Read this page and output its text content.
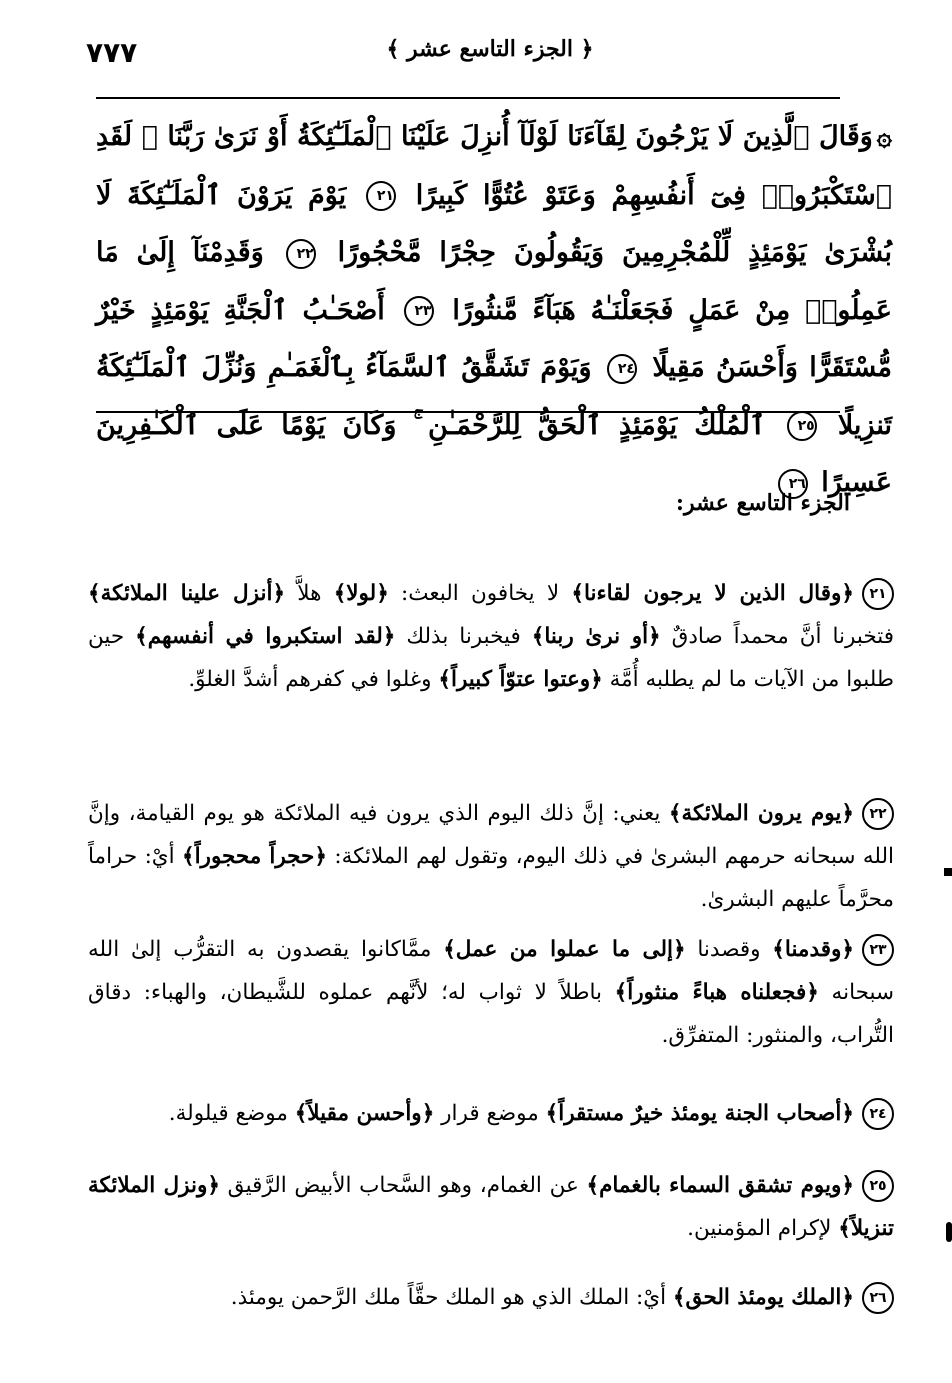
٧٧٧	﴿ الجزء التاسع عشر ﴾
۞وَقَالَ ٱلَّذِينَ لَا يَرْجُونَ لِقَآءَنَا لَوْلَآ أُنزِلَ عَلَيْنَا ٱلْمَلَـٰٓئِكَةُ أَوْ نَرَىٰ رَبَّنَا ۗ لَقَدِ ٱسْتَكْبَرُوا۟ فِىٓ أَنفُسِهِمْ وَعَتَوْ عُتُوًّا كَبِيرًا ٢١ يَوْمَ يَرَوْنَ ٱلْمَلَـٰٓئِكَةَ لَا بُشْرَىٰ يَوْمَئِذٍ لِّلْمُجْرِمِينَ وَيَقُولُونَ حِجْرًا مَّحْجُورًا ٢٢ وَقَدِمْنَآ إِلَىٰ مَا عَمِلُوا۟ مِنْ عَمَلٍ فَجَعَلْنَـٰهُ هَبَآءً مَّنثُورًا ٢٣ أَصْحَـٰبُ ٱلْجَنَّةِ يَوْمَئِذٍ خَيْرٌ مُّسْتَقَرًّا وَأَحْسَنُ مَقِيلًا ٢٤ وَيَوْمَ تَشَقَّقُ ٱلسَّمَآءُ بِٱلْغَمَـٰمِ وَنُزِّلَ ٱلْمَلَـٰٓئِكَةُ تَنزِيلًا ٢٥ ٱلْمُلْكُ يَوْمَئِذٍ ٱلْحَقُّ لِلرَّحْمَـٰنِ ۚ وَكَانَ يَوْمًا عَلَى ٱلْكَـٰفِرِينَ عَسِيرًا ٢٦
الجزء التاسع عشر:
٢١﴿وقال الذين لا يرجون لقاءنا﴾ لا يخافون البعث: ﴿لولا﴾ هلاَّ ﴿أنزل علينا الملائكة﴾ فتخبرنا أنَّ محمداً صادقٌ ﴿أو نرىٰ ربنا﴾ فيخبرنا بذلك ﴿لقد استكبروا في أنفسهم﴾ حين طلبوا من الآيات ما لم يطلبه أُمَّة ﴿وعتوا عتوّاً كبيراً﴾ وغلوا في كفرهم أشدَّ الغلوِّ.
٢٢﴿يوم يرون الملائكة﴾ يعني: إنَّ ذلك اليوم الذي يرون فيه الملائكة هو يوم القيامة، وإنَّ الله سبحانه حرمهم البشرىٰ في ذلك اليوم، وتقول لهم الملائكة: ﴿حجراً محجوراً﴾ أيْ: حراماً محرَّماً عليهم البشرىٰ.
٢٣﴿وقدمنا﴾ وقصدنا ﴿إلى ما عملوا من عمل﴾ ممَّاكانوا يقصدون به التقرُّب إلىٰ الله سبحانه ﴿فجعلناه هباءً منثوراً﴾ باطلاً لا ثواب له؛ لأنَّهم عملوه للشَّيطان، والهباء: دقاق التُّراب، والمنثور: المتفرِّق.
٢٤﴿أصحاب الجنة يومئذ خيرٌ مستقراً﴾ موضع قرار ﴿وأحسن مقيلاً﴾ موضع قيلولة.
٢٥﴿ويوم تشقق السماء بالغمام﴾ عن الغمام، وهو السَّحاب الأبيض الرَّقيق ﴿ونزل الملائكة تنزيلاً﴾ لإكرام المؤمنين.
٢٦﴿الملك يومئذ الحق﴾ أيْ: الملك الذي هو الملك حقَّاً ملك الرَّحمن يومئذ.
